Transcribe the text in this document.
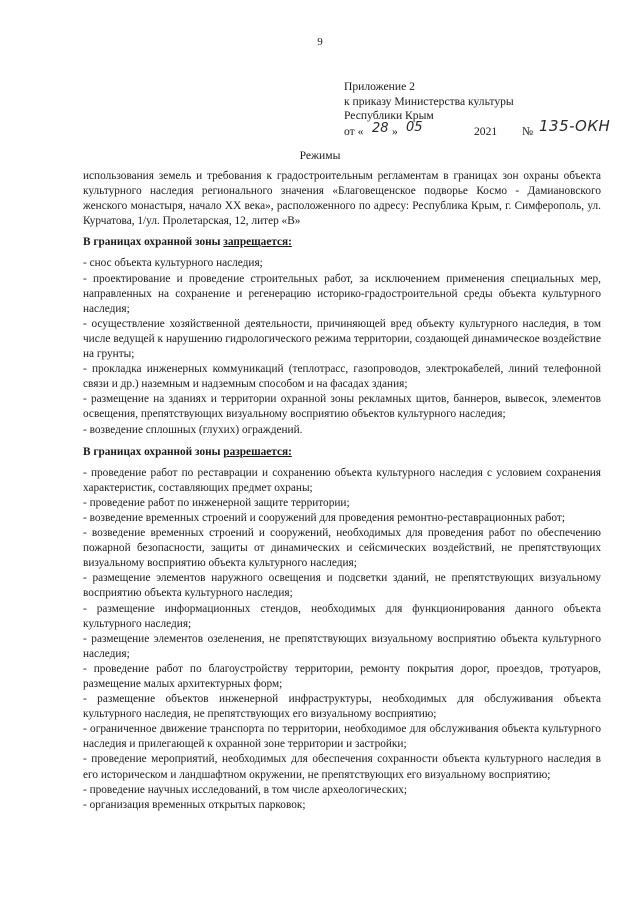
9
Приложение 2
к приказу Министерства культуры
Республики Крым
от « 28 » 05	2021 № 135-ОКН
Режимы

использования земель и требования к градостроительным регламентам в границах зон охраны объекта культурного наследия регионального значения «Благовещенское подворье Космо - Дамиановского женского монастыря, начало XX века», расположенного по адресу: Республика Крым, г. Симферополь, ул. Курчатова, 1/ул. Пролетарская, 12, литер «В»

В границах охранной зоны запрещается:

- снос объекта культурного наследия;

- проектирование и проведение строительных работ, за исключением применения специальных мер, направленных на сохранение и регенерацию историко-градостроительной среды объекта культурного наследия;

- осуществление хозяйственной деятельности, причиняющей вред объекту культурного наследия, в том числе ведущей к нарушению гидрологического режима территории, создающей динамическое воздействие на грунты;

- прокладка инженерных коммуникаций (теплотрасс, газопроводов, электрокабелей, линий телефонной связи и др.) наземным и надземным способом и на фасадах здания;

- размещение на зданиях и территории охранной зоны рекламных щитов, баннеров, вывесок, элементов освещения, препятствующих визуальному восприятию объектов культурного наследия;

- возведение сплошных (глухих) ограждений.

В границах охранной зоны разрешается:

- проведение работ по реставрации и сохранению объекта культурного наследия с условием сохранения характеристик, составляющих предмет охраны;

- проведение работ по инженерной защите территории;

- возведение временных строений и сооружений для проведения ремонтно-реставрационных работ;

- возведение временных строений и сооружений, необходимых для проведения работ по обеспечению пожарной безопасности, защиты от динамических и сейсмических воздействий, не препятствующих визуальному восприятию объекта культурного наследия;

- размещение элементов наружного освещения и подсветки зданий, не препятствующих визуальному восприятию объекта культурного наследия;

- размещение информационных стендов, необходимых для функционирования данного объекта культурного наследия;

- размещение элементов озеленения, не препятствующих визуальному восприятию объекта культурного наследия;

- проведение работ по благоустройству территории, ремонту покрытия дорог, проездов, тротуаров, размещение малых архитектурных форм;

- размещение объектов инженерной инфраструктуры, необходимых для обслуживания объекта культурного наследия, не препятствующих его визуальному восприятию;

- ограниченное движение транспорта по территории, необходимое для обслуживания объекта культурного наследия и прилегающей к охранной зоне территории и застройки;

- проведение мероприятий, необходимых для обеспечения сохранности объекта культурного наследия в его историческом и ландшафтном окружении, не препятствующих его визуальному восприятию;

- проведение научных исследований, в том числе археологических;

- организация временных открытых парковок;
